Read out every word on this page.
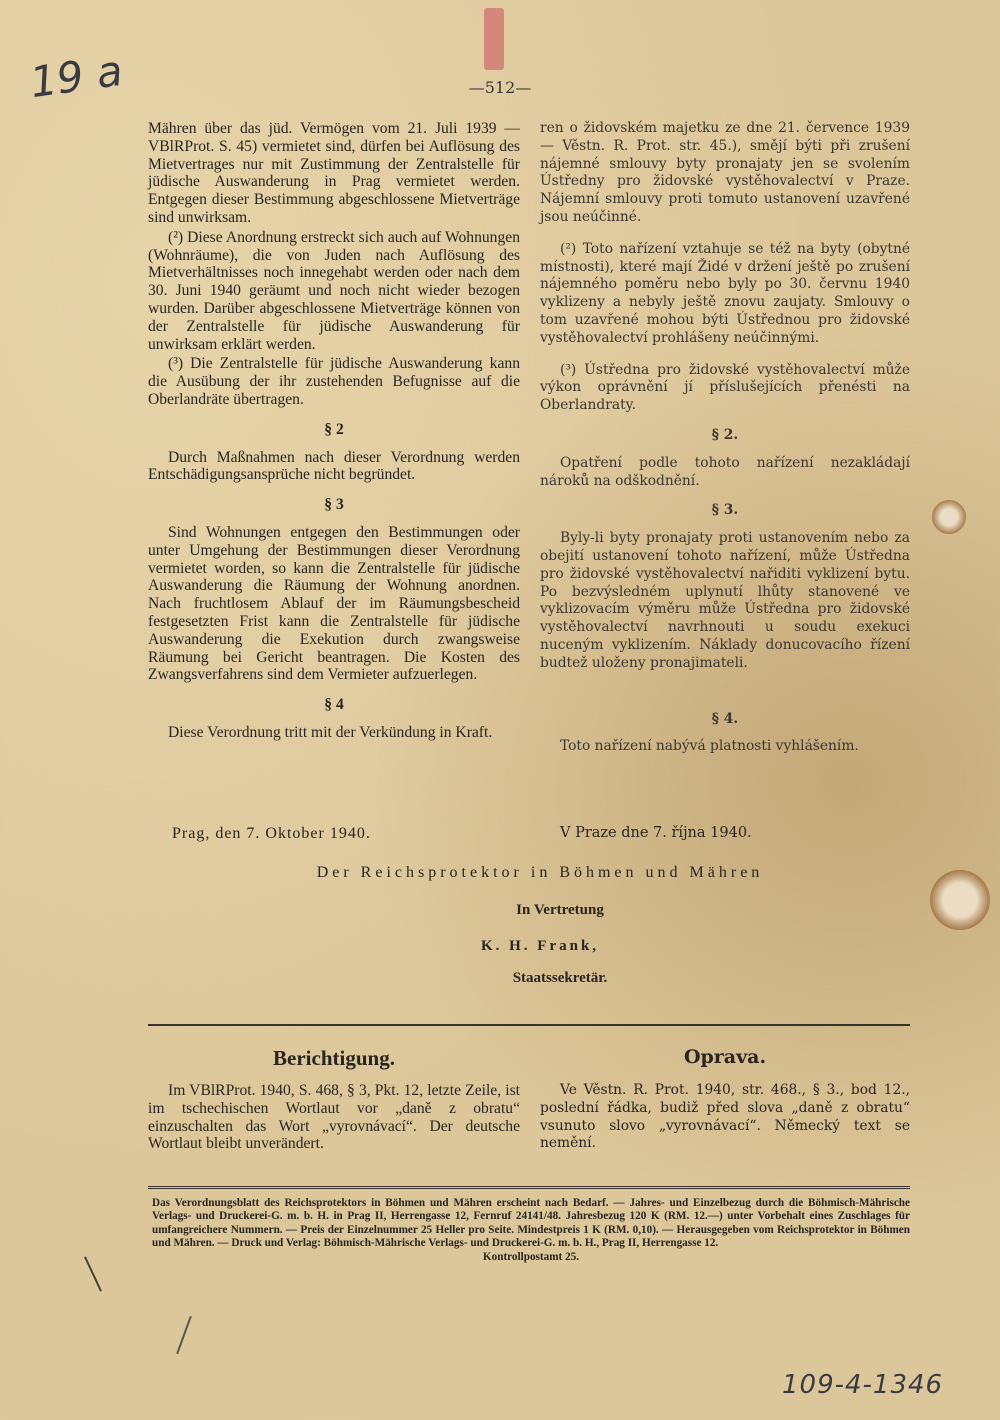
19 a	—512—

Mähren über das jüd. Vermögen vom 21. Juli 1939 — VBlRProt. S. 45) vermietet sind, dürfen bei Auflösung des Mietvertrages nur mit Zustimmung der Zentralstelle für jüdische Auswanderung in Prag vermietet werden. Entgegen dieser Bestimmung abgeschlossene Mietverträge sind unwirksam.

(²) Diese Anordnung erstreckt sich auch auf Wohnungen (Wohnräume), die von Juden nach Auflösung des Mietverhältnisses noch innegehabt werden oder nach dem 30. Juni 1940 geräumt und noch nicht wieder bezogen wurden. Darüber abgeschlossene Mietverträge können von der Zentralstelle für jüdische Auswanderung für unwirksam erklärt werden.

(³) Die Zentralstelle für jüdische Auswanderung kann die Ausübung der ihr zustehenden Befugnisse auf die Oberlandräte übertragen.

§ 2

Durch Maßnahmen nach dieser Verordnung werden Entschädigungsansprüche nicht begründet.

§ 3

Sind Wohnungen entgegen den Bestimmungen oder unter Umgehung der Bestimmungen dieser Verordnung vermietet worden, so kann die Zentralstelle für jüdische Auswanderung die Räumung der Wohnung anordnen. Nach fruchtlosem Ablauf der im Räumungsbescheid festgesetzten Frist kann die Zentralstelle für jüdische Auswanderung die Exekution durch zwangsweise Räumung bei Gericht beantragen. Die Kosten des Zwangsverfahrens sind dem Vermieter aufzuerlegen.

§ 4

Diese Verordnung tritt mit der Verkündung in Kraft.

ren o židovském majetku ze dne 21. července 1939 — Věstn. R. Prot. str. 45.), smějí býti při zrušení nájemné smlouvy byty pronajaty jen se svolením Ústředny pro židovské vystěhovalectví v Praze. Nájemní smlouvy proti tomuto ustanovení uzavřené jsou neúčinné.

(²) Toto nařízení vztahuje se též na byty (obytné místnosti), které mají Židé v držení ještě po zrušení nájemného poměru nebo byly po 30. červnu 1940 vyklizeny a nebyly ještě znovu zaujaty. Smlouvy o tom uzavřené mohou býti Ústřednou pro židovské vystěhovalectví prohlášeny neúčinnými.

(³) Ústředna pro židovské vystěhovalectví může výkon oprávnění jí příslušejících přenésti na Oberlandraty.

§ 2.

Opatření podle tohoto nařízení nezakládají nároků na odškodnění.

§ 3.

Byly-li byty pronajaty proti ustanovením nebo za obejití ustanovení tohoto nařízení, může Ústředna pro židovské vystěhovalectví nařiditi vyklizení bytu. Po bezvýsledném uplynutí lhůty stanovené ve vyklizovacím výměru může Ústředna pro židovské vystěhovalectví navrhnouti u soudu exekuci nuceným vyklizením. Náklady donucovacího řízení budtež uloženy pronajimateli.

§ 4.

Toto nařízení nabývá platnosti vyhlášením.

Prag, den 7. Oktober 1940.	V Praze dne 7. října 1940.
Der Reichsprotektor in Böhmen und Mähren
In Vertretung
K. H. Frank,
Staatssekretär.
Berichtigung.	Oprava.
Im VBlRProt. 1940, S. 468, § 3, Pkt. 12, letzte Zeile, ist im tschechischen Wortlaut vor „daně z obratu“ einzuschalten das Wort „vyrovnávací“. Der deutsche Wortlaut bleibt unverändert.
Ve Věstn. R. Prot. 1940, str. 468., § 3., bod 12., poslední řádka, budiž před slova „daně z obratu“ vsunuto slovo „vyrovnávací“. Německý text se nemění.
Das Verordnungsblatt des Reichsprotektors in Böhmen und Mähren erscheint nach Bedarf. — Jahres- und Einzelbezug durch die Böhmisch-Mährische Verlags- und Druckerei-G. m. b. H. in Prag II, Herrengasse 12, Fernruf 24141/48. Jahresbezug 120 K (RM. 12.—) unter Vorbehalt eines Zuschlages für umfangreichere Nummern. — Preis der Einzelnummer 25 Heller pro Seite. Mindestpreis 1 K (RM. 0,10). — Herausgegeben vom Reichsprotektor in Böhmen und Mähren. — Druck und Verlag: Böhmisch-Mährische Verlags- und Druckerei-G. m. b. H., Prag II, Herrengasse 12.
Kontrollpostamt 25.
109-4-1346
